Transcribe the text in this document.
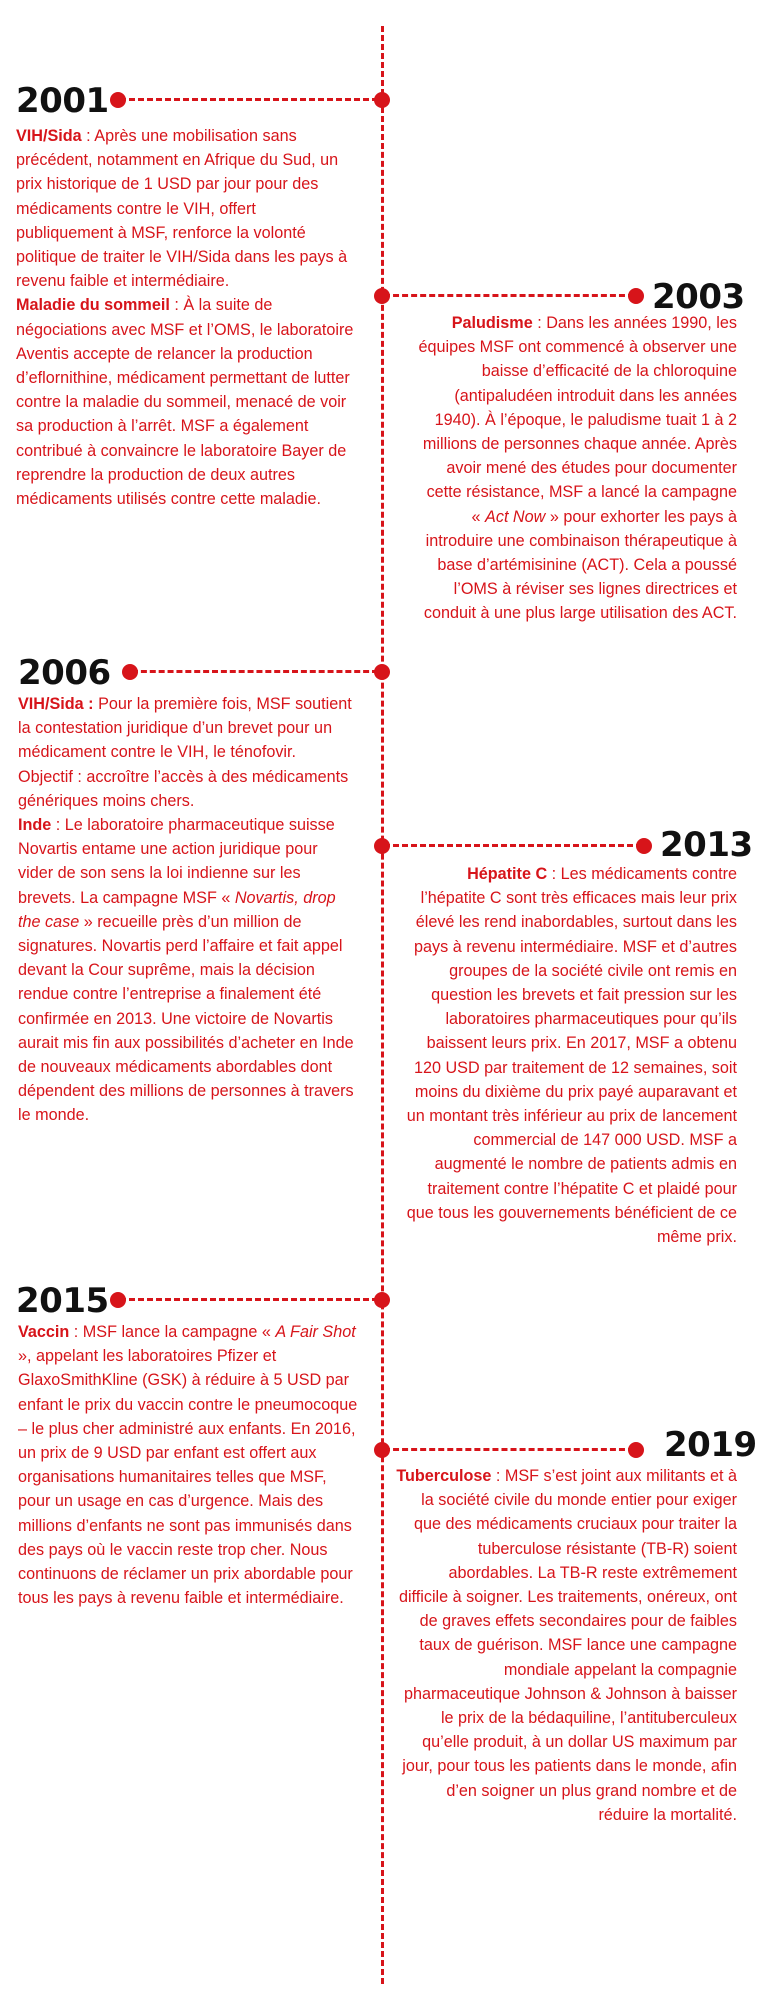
2001

VIH/Sida : Après une mobilisation sans précédent, notamment en Afrique du Sud, un prix historique de 1 USD par jour pour des médicaments contre le VIH, offert publiquement à MSF, renforce la volonté politique de traiter le VIH/Sida dans les pays à revenu faible et intermédiaire.

Maladie du sommeil : À la suite de négociations avec MSF et l’OMS, le laboratoire Aventis accepte de relancer la production d’eflornithine, médicament permettant de lutter contre la maladie du sommeil, menacé de voir sa production à l’arrêt. MSF a également contribué à convaincre le laboratoire Bayer de reprendre la production de deux autres médicaments utilisés contre cette maladie.

2003

Paludisme : Dans les années 1990, les équipes MSF ont commencé à observer une baisse d’efficacité de la chloroquine (antipaludéen introduit dans les années 1940). À l’époque, le paludisme tuait 1 à 2 millions de personnes chaque année. Après avoir mené des études pour documenter cette résistance, MSF a lancé la campagne « Act Now » pour exhorter les pays à introduire une combinaison thérapeutique à base d’artémisinine (ACT). Cela a poussé l’OMS à réviser ses lignes directrices et conduit à une plus large utilisation des ACT.

2006

VIH/Sida : Pour la première fois, MSF soutient la contestation juridique d’un brevet pour un médicament contre le VIH, le ténofovir. Objectif : accroître l’accès à des médicaments génériques moins chers.

Inde : Le laboratoire pharmaceutique suisse Novartis entame une action juridique pour vider de son sens la loi indienne sur les brevets. La campagne MSF « Novartis, drop the case » recueille près d’un million de signatures. Novartis perd l’affaire et fait appel devant la Cour suprême, mais la décision rendue contre l’entreprise a finalement été confirmée en 2013. Une victoire de Novartis aurait mis fin aux possibilités d’acheter en Inde de nouveaux médicaments abordables dont dépendent des millions de personnes à travers le monde.

2013

Hépatite C : Les médicaments contre l’hépatite C sont très efficaces mais leur prix élevé les rend inabordables, surtout dans les pays à revenu intermédiaire. MSF et d’autres groupes de la société civile ont remis en question les brevets et fait pression sur les laboratoires pharmaceutiques pour qu’ils baissent leurs prix. En 2017, MSF a obtenu 120 USD par traitement de 12 semaines, soit moins du dixième du prix payé auparavant et un montant très inférieur au prix de lancement commercial de 147 000 USD. MSF a augmenté le nombre de patients admis en traitement contre l’hépatite C et plaidé pour que tous les gouvernements bénéficient de ce même prix.

2015

Vaccin : MSF lance la campagne « A Fair Shot », appelant les laboratoires Pfizer et GlaxoSmithKline (GSK) à réduire à 5 USD par enfant le prix du vaccin contre le pneumocoque – le plus cher administré aux enfants. En 2016, un prix de 9 USD par enfant est offert aux organisations humanitaires telles que MSF, pour un usage en cas d’urgence. Mais des millions d’enfants ne sont pas immunisés dans des pays où le vaccin reste trop cher. Nous continuons de réclamer un prix abordable pour tous les pays à revenu faible et intermédiaire.

2019

Tuberculose : MSF s’est joint aux militants et à la société civile du monde entier pour exiger que des médicaments cruciaux pour traiter la tuberculose résistante (TB-R) soient abordables. La TB-R reste extrêmement difficile à soigner. Les traitements, onéreux, ont de graves effets secondaires pour de faibles taux de guérison. MSF lance une campagne mondiale appelant la compagnie pharmaceutique Johnson & Johnson à baisser le prix de la bédaquiline, l’antituberculeux qu’elle produit, à un dollar US maximum par jour, pour tous les patients dans le monde, afin d’en soigner un plus grand nombre et de réduire la mortalité.
